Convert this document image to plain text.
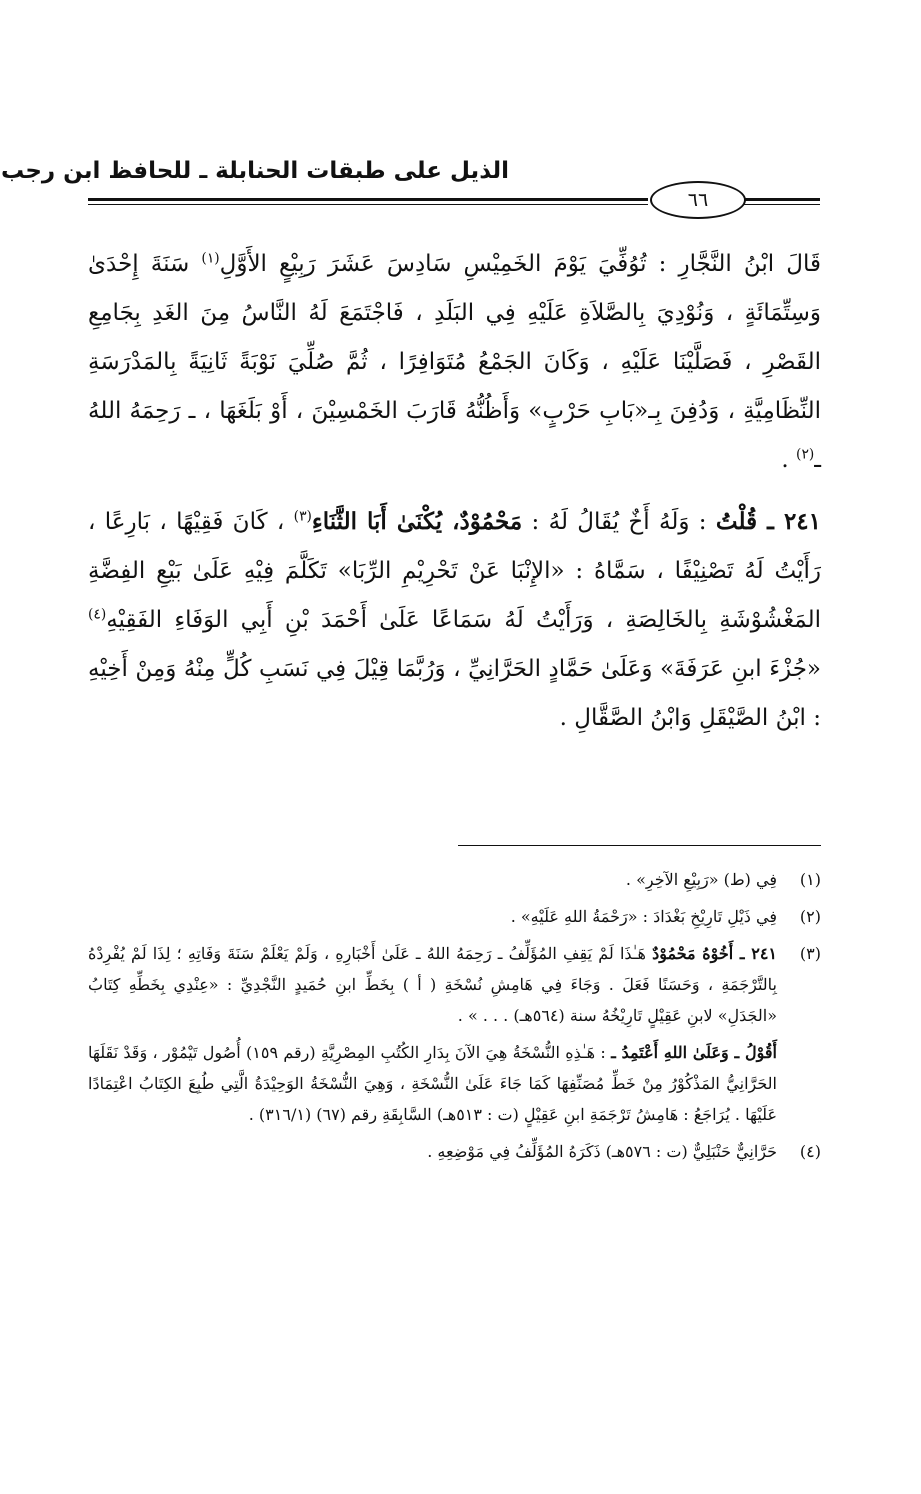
الذيل على طبقات الحنابلة ـ للحافظ ابن رجب
٦٦

قَالَ ابْنُ النَّجَّارِ : تُوُفِّيَ يَوْمَ الخَمِيْسِ سَادِسَ عَشَرَ رَبِيْعٍ الأَوَّلِ$^{(١)}$ سَنَةَ إِحْدَىٰ وَسِتِّمَائَةٍ ، وَنُوْدِيَ بِالصَّلاَةِ عَلَيْهِ فِي البَلَدِ ، فَاجْتَمَعَ لَهُ النَّاسُ مِنَ الغَدِ بِجَامِعِ القَصْرِ ، فَصَلَّيْنَا عَلَيْهِ ، وَكَانَ الجَمْعُ مُتَوَافِرًا ، ثُمَّ صُلِّيَ نَوْبَةً ثَانِيَةً بِالمَدْرَسَةِ النِّظَامِيَّةِ ، وَدُفِنَ بِـ«بَابِ حَرْبٍ» وَأَظُنُّهُ قَارَبَ الخَمْسِيْنَ ، أَوْ بَلَغَهَا ، ـ رَحِمَهُ اللهُ ـ$^{(٢)}$ .

٢٤١ ـ قُلْتُ : وَلَهُ أَخٌ يُقَالُ لَهُ : مَحْمُوْدٌ، يُكْنَىٰ أَبَا الثَّنَاءِ$^{(٣)}$ ، كَانَ فَقِيْهًا ، بَارِعًا ، رَأَيْتُ لَهُ تَصْنِيْفًا ، سَمَّاهُ : «الإِنْبَا عَنْ تَحْرِيْمِ الرِّبَا» تَكَلَّمَ فِيْهِ عَلَىٰ بَيْعِ الفِضَّةِ المَغْشُوْشَةِ بِالخَالِصَةِ ، وَرَأَيْتُ لَهُ سَمَاعًا عَلَىٰ أَحْمَدَ بْنِ أَبِي الوَفَاءِ الفَقِيْهِ$^{(٤)}$ «جُزْءَ ابنِ عَرَفَةَ» وَعَلَىٰ حَمَّادٍ الحَرَّانِيِّ ، وَرُبَّمَا قِيْلَ فِي نَسَبِ كُلٍّ مِنْهُ وَمِنْ أَخِيْهِ : ابْنُ الصَّيْقَلِ وَابْنُ الصَّقَّالِ .

(١)
فِي (ط) «رَبِيْعِ الآخِرِ» .
(٢)
فِي ذَيْلِ تَارِيْخِ بَغْدَادَ : «رَحْمَةُ اللهِ عَلَيْهِ» .
(٣)
٢٤١ ـ أَخُوْهُ مَحْمُوْدٌ هَـٰذَا لَمْ يَقِفِ المُؤَلِّفُ ـ رَحِمَهُ اللهُ ـ عَلَىٰ أَخْبَارِهِ ، وَلَمْ يَعْلَمْ سَنَةَ وَفَاتِهِ ؛ لِذَا لَمْ يُفْرِدْهُ بِالتَّرْجَمَةِ ، وَحَسَنًا فَعَلَ . وَجَاءَ فِي هَامِشِ نُسْخَةِ ( أ ) بِخَطِّ ابنِ حُمَيدٍ النَّجْدِيِّ : «عِنْدِي بِخَطِّهِ كِتَابُ «الجَدَلِ» لابنِ عَقِيْلٍ تَارِيْخُهُ سنة (٥٦٤هـ) . . . » .
أَقُوْلُ ـ وَعَلَىٰ اللهِ أَعْتَمِدُ ـ : هَـٰذِهِ النُّسْخَةُ هِيَ الآنَ بِدَارِ الكُتُبِ المِصْرِيَّةِ (رقم ١٥٩) أُصُول تَيْمُوْر ، وَقَدْ نَقَلَهَا الحَرَّانِيُّ المَذْكُوْرُ مِنْ خَطِّ مُصَنِّفِهَا كَمَا جَاءَ عَلَىٰ النُّسْخَةِ ، وَهِيَ النُّسْخَةُ الوَحِيْدَةُ الَّتِي طُبِعَ الكِتَابُ اعْتِمَادًا عَلَيْهَا . يُرَاجَعُ : هَامِشُ تَرْجَمَةِ ابنِ عَقِيْلٍ (ت : ٥١٣هـ) السَّابِقَةِ رقم (٦٧) (٣١٦/١) .
(٤)
حَرَّانِيٌّ حَنْبَلِيٌّ (ت : ٥٧٦هـ) ذَكَرَهُ المُؤَلِّفُ فِي مَوْضِعِهِ .
